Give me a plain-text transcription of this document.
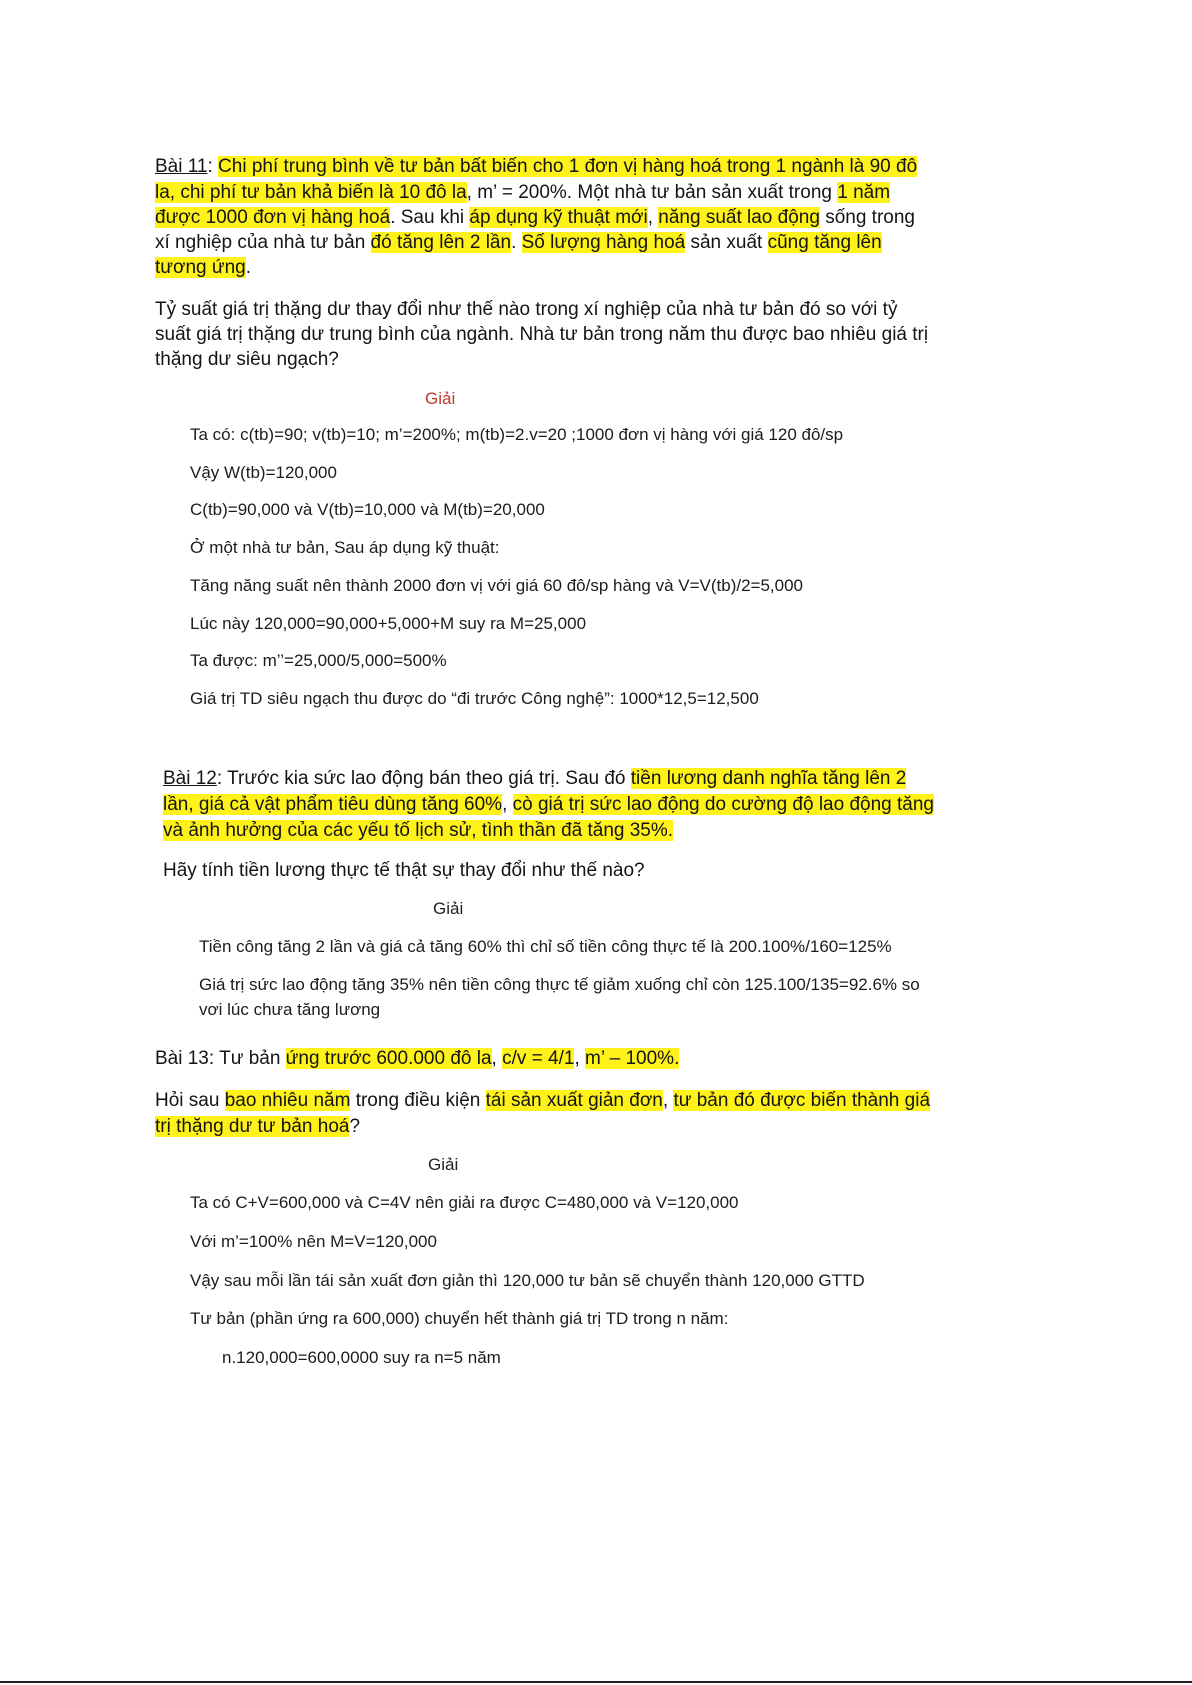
Bài 11: Chi phí trung bình về tư bản bất biến cho 1 đơn vị hàng hoá trong 1 ngành là 90 đô
la, chi phí tư bản khả biến là 10 đô la, m’ = 200%. Một nhà tư bản sản xuất trong 1 năm
được 1000 đơn vị hàng hoá. Sau khi áp dụng kỹ thuật mới, năng suất lao động sống trong
xí nghiệp của nhà tư bản đó tăng lên 2 lần. Số lượng hàng hoá sản xuất cũng tăng lên
tương ứng.
Tỷ suất giá trị thặng dư thay đổi như thế nào trong xí nghiệp của nhà tư bản đó so với tỷ
suất giá trị thặng dư trung bình của ngành. Nhà tư bản trong năm thu được bao nhiêu giá trị
thặng dư siêu ngạch?
Giải
Ta có: c(tb)=90; v(tb)=10; m’=200%; m(tb)=2.v=20 ;1000 đơn vị hàng với giá 120 đô/sp
Vậy W(tb)=120,000
C(tb)=90,000 và V(tb)=10,000 và M(tb)=20,000
Ở một nhà tư bản, Sau áp dụng kỹ thuật:
Tăng năng suất nên thành 2000 đơn vị với giá 60 đô/sp hàng và V=V(tb)/2=5,000
Lúc này 120,000=90,000+5,000+M suy ra M=25,000
Ta được: m’’=25,000/5,000=500%
Giá trị TD siêu ngạch thu được do “đi trước Công nghệ”: 1000*12,5=12,500
Bài 12: Trước kia sức lao động bán theo giá trị. Sau đó tiền lương danh nghĩa tăng lên 2
lần, giá cả vật phẩm tiêu dùng tăng 60%, cò giá trị sức lao động do cường độ lao động tăng
và ảnh hưởng của các yếu tố lịch sử, tình thần đã tăng 35%.
Hãy tính tiền lương thực tế thật sự thay đổi như thế nào?
Giải
Tiền công tăng 2 lần và giá cả tăng 60% thì chỉ số tiền công thực tế là 200.100%/160=125%
Giá trị sức lao động tăng 35% nên tiền công thực tế giảm xuống chỉ còn 125.100/135=92.6% so
vơi lúc chưa tăng lương
Bài 13: Tư bản ứng trước 600.000 đô la, c/v = 4/1, m’ – 100%.
Hỏi sau bao nhiêu năm trong điều kiện tái sản xuất giản đơn, tư bản đó được biến thành giá
trị thặng dư tư bản hoá?
Giải
Ta có C+V=600,000 và C=4V nên giải ra được C=480,000 và V=120,000
Với m’=100% nên M=V=120,000
Vậy sau mỗi lần tái sản xuất đơn giản thì 120,000 tư bản sẽ chuyển thành 120,000 GTTD
Tư bản (phần ứng ra 600,000) chuyển hết thành giá trị TD trong n năm:
n.120,000=600,0000 suy ra n=5 năm
